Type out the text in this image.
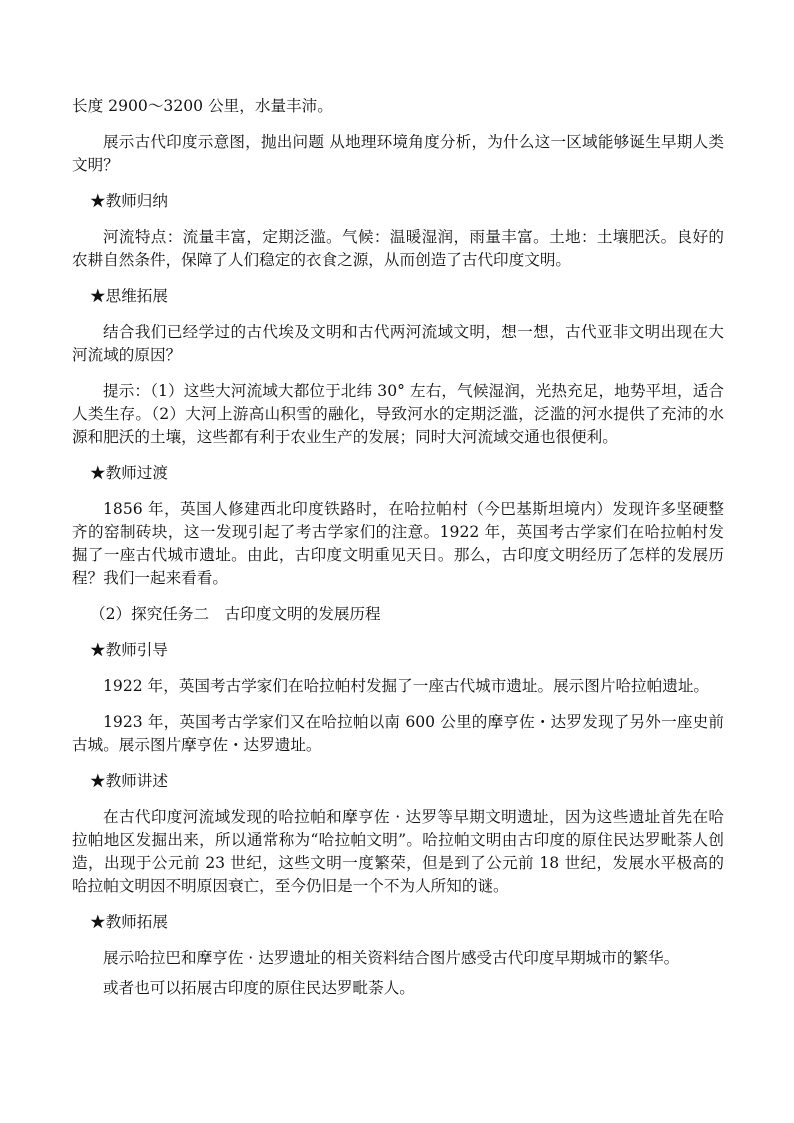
长度 2900～3200 公里，水量丰沛。

展示古代印度示意图，抛出问题 从地理环境角度分析，为什么这一区域能够诞生早期人类文明？

★教师归纳

河流特点：流量丰富，定期泛滥。气候：温暖湿润，雨量丰富。土地：土壤肥沃。良好的农耕自然条件，保障了人们稳定的衣食之源，从而创造了古代印度文明。

★思维拓展

结合我们已经学过的古代埃及文明和古代两河流域文明，想一想，古代亚非文明出现在大河流域的原因？

提示：（1）这些大河流域大都位于北纬 30° 左右，气候湿润，光热充足，地势平坦，适合人类生存。（2）大河上游高山积雪的融化，导致河水的定期泛滥，泛滥的河水提供了充沛的水源和肥沃的土壤，这些都有利于农业生产的发展；同时大河流域交通也很便利。

★教师过渡

1856 年，英国人修建西北印度铁路时，在哈拉帕村（今巴基斯坦境内）发现许多坚硬整齐的窑制砖块，这一发现引起了考古学家们的注意。1922 年，英国考古学家们在哈拉帕村发掘了一座古代城市遗址。由此，古印度文明重见天日。那么，古印度文明经历了怎样的发展历程？我们一起来看看。

（2）探究任务二　古印度文明的发展历程
★教师引导

1922 年，英国考古学家们在哈拉帕村发掘了一座古代城市遗址。展示图片哈拉帕遗址。

1923 年，英国考古学家们又在哈拉帕以南 600 公里的摩亨佐・达罗发现了另外一座史前古城。展示图片摩亨佐・达罗遗址。

★教师讲述

在古代印度河流域发现的哈拉帕和摩亨佐 · 达罗等早期文明遗址，因为这些遗址首先在哈拉帕地区发掘出来，所以通常称为“哈拉帕文明”。哈拉帕文明由古印度的原住民达罗毗荼人创造，出现于公元前 23 世纪，这些文明一度繁荣，但是到了公元前 18 世纪，发展水平极高的哈拉帕文明因不明原因衰亡，至今仍旧是一个不为人所知的谜。

★教师拓展

展示哈拉巴和摩亨佐 · 达罗遗址的相关资料结合图片感受古代印度早期城市的繁华。

或者也可以拓展古印度的原住民达罗毗荼人。
